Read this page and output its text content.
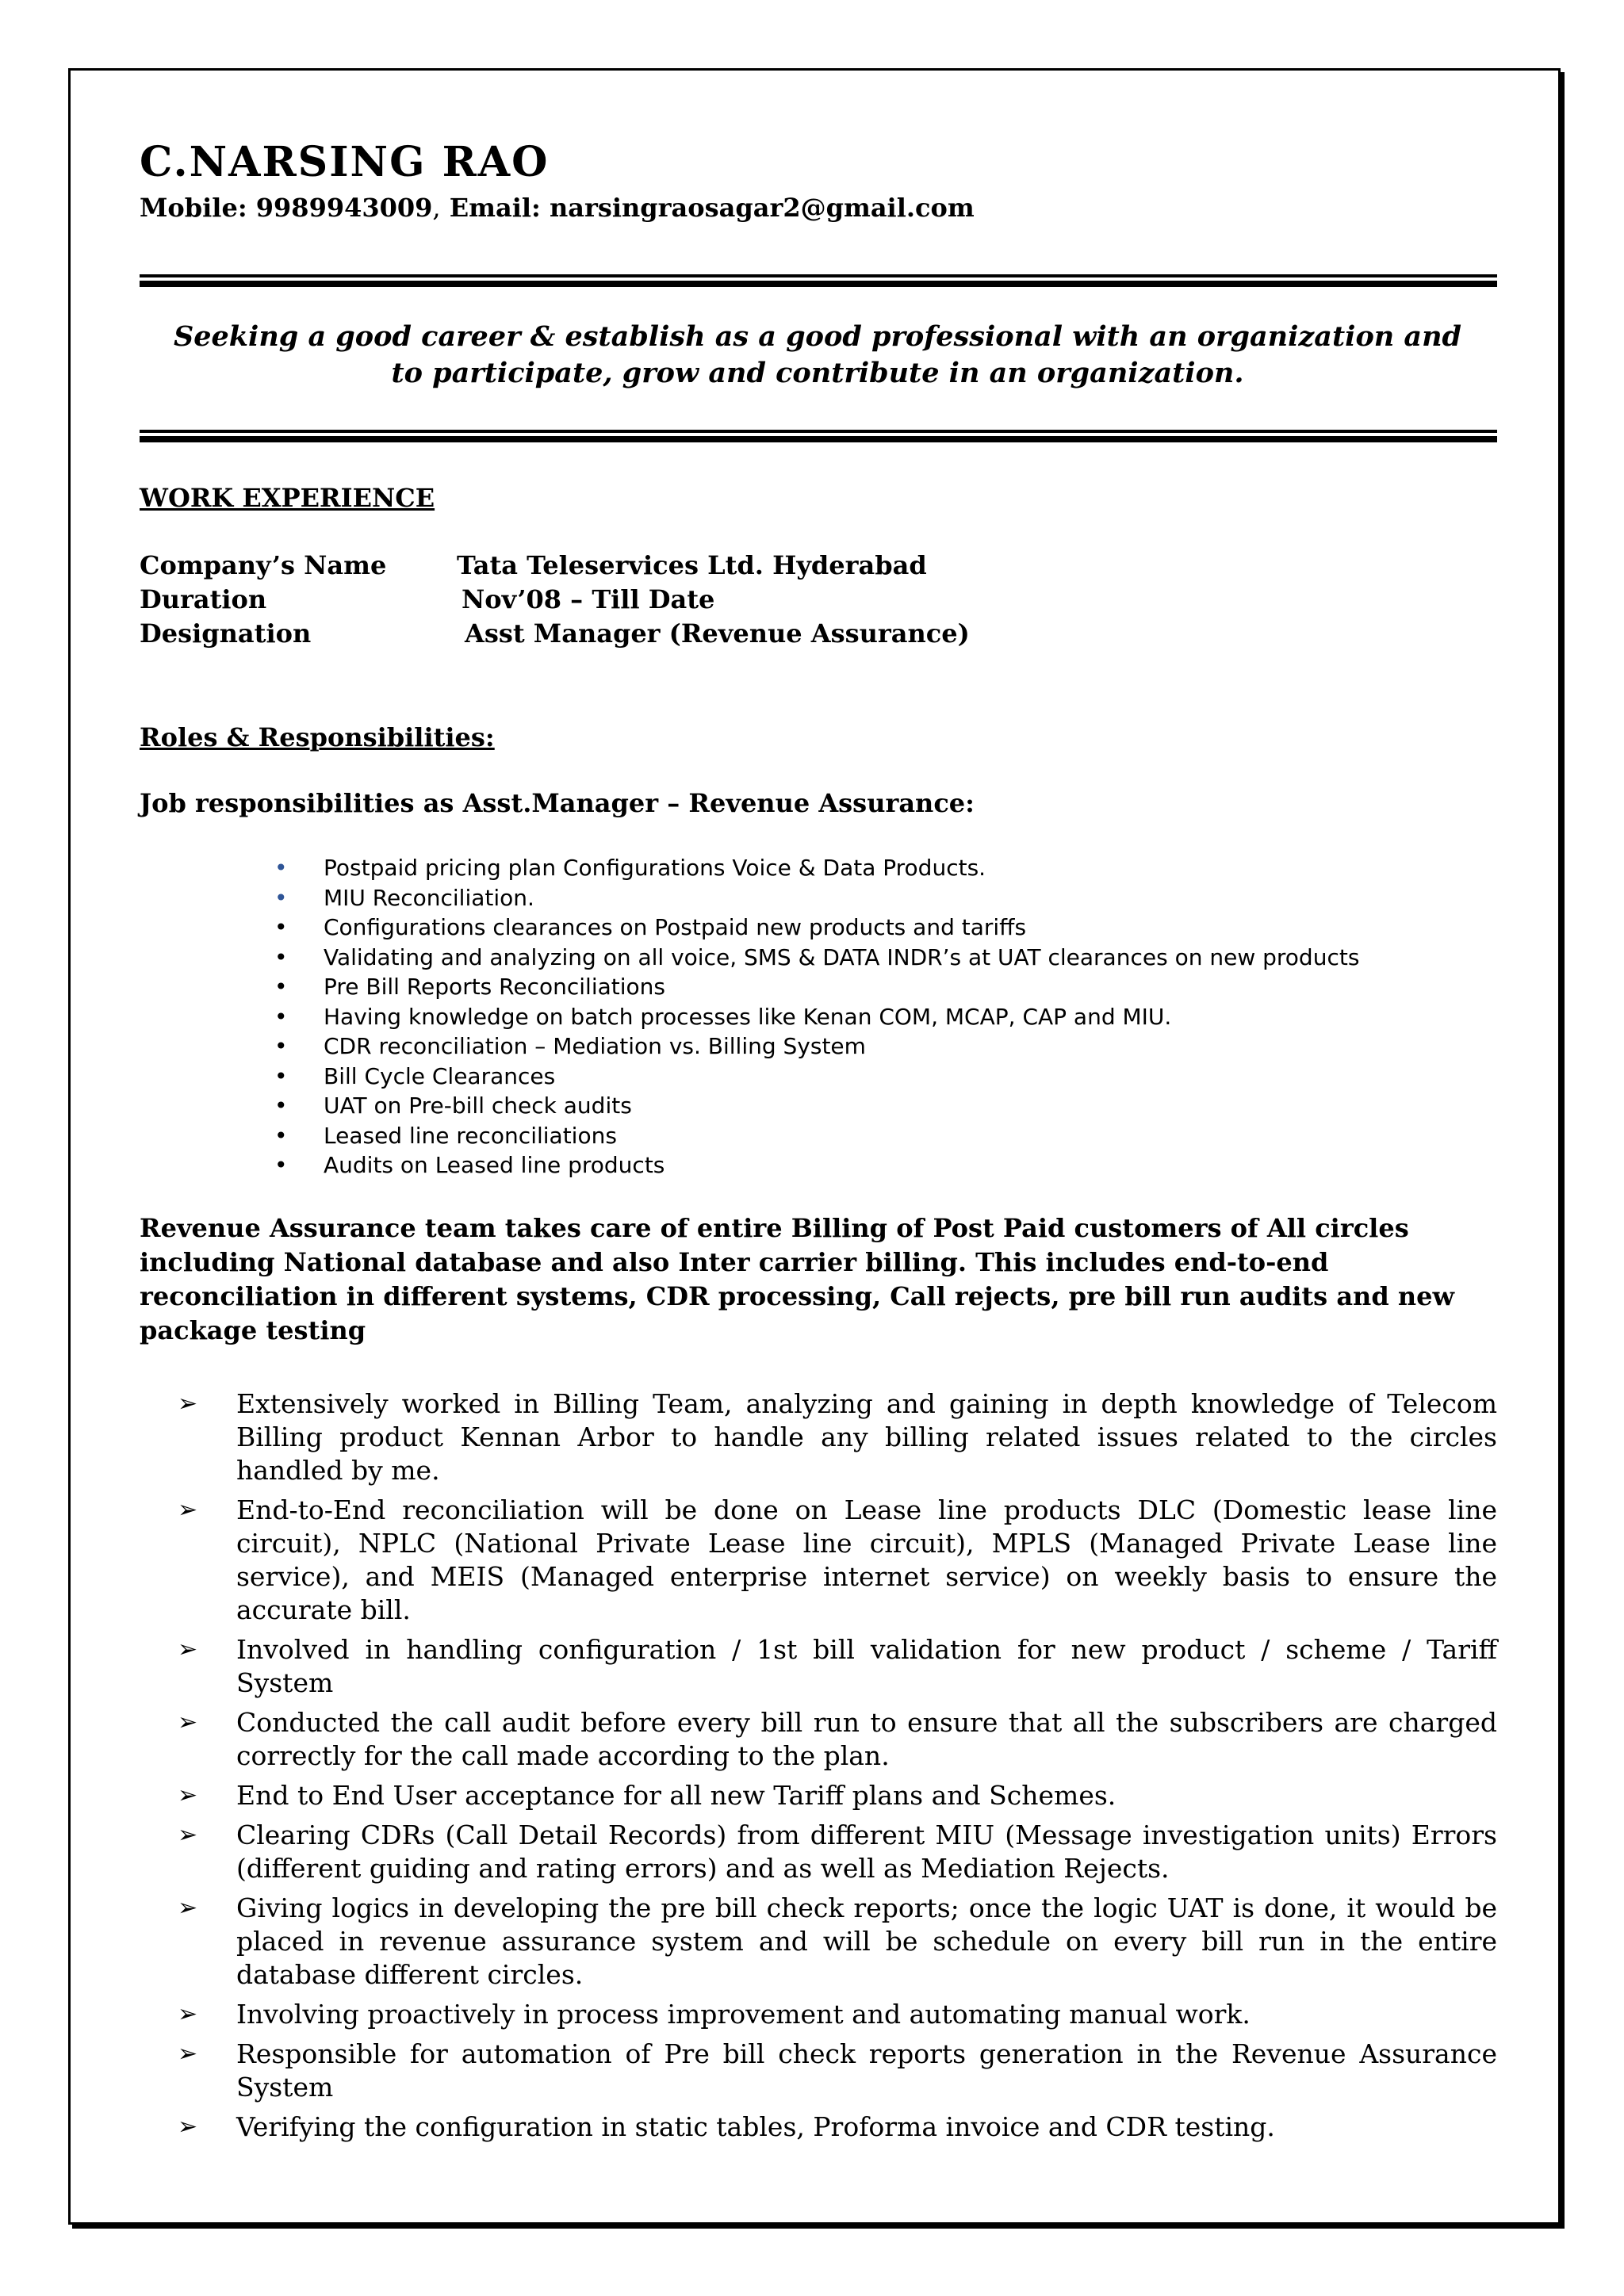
C.NARSING RAO

Mobile: 9989943009, Email: narsingraosagar2@gmail.com

Seeking a good career & establish as a good professional with an organization and
to participate, grow and contribute in an organization.
WORK EXPERIENCE
Company’s Name	Tata Teleservices Ltd. Hyderabad
Duration	Nov’08 – Till Date
Designation	Asst Manager (Revenue Assurance)
Roles & Responsibilities:
Job responsibilities as Asst.Manager – Revenue Assurance:
• Postpaid pricing plan Configurations Voice & Data Products.
• MIU Reconciliation.
• Configurations clearances on Postpaid new products and tariffs
• Validating and analyzing on all voice, SMS & DATA INDR’s at UAT clearances on new products
• Pre Bill Reports Reconciliations
• Having knowledge on batch processes like Kenan COM, MCAP, CAP and MIU.
• CDR reconciliation – Mediation vs. Billing System
• Bill Cycle Clearances
• UAT on Pre-bill check audits
• Leased line reconciliations
• Audits on Leased line products
Revenue Assurance team takes care of entire Billing of Post Paid customers of All circles including National database and also Inter carrier billing. This includes end-to-end reconciliation in different systems, CDR processing, Call rejects, pre bill run audits and new package testing
➢ Extensively worked in Billing Team, analyzing and gaining in depth knowledge of Telecom Billing product Kennan Arbor to handle any billing related issues related to the circles handled by me.
➢ End-to-End reconciliation will be done on Lease line products DLC (Domestic lease line circuit), NPLC (National Private Lease line circuit), MPLS (Managed Private Lease line service), and MEIS (Managed enterprise internet service) on weekly basis to ensure the accurate bill.
➢ Involved in handling configuration / 1st bill validation for new product / scheme / Tariff System
➢ Conducted the call audit before every bill run to ensure that all the subscribers are charged correctly for the call made according to the plan.
➢ End to End User acceptance for all new Tariff plans and Schemes.
➢ Clearing CDRs (Call Detail Records) from different MIU (Message investigation units) Errors (different guiding and rating errors) and as well as Mediation Rejects.
➢ Giving logics in developing the pre bill check reports; once the logic UAT is done, it would be placed in revenue assurance system and will be schedule on every bill run in the entire database different circles.
➢ Involving proactively in process improvement and automating manual work.
➢ Responsible for automation of Pre bill check reports generation in the Revenue Assurance System
➢ Verifying the configuration in static tables, Proforma invoice and CDR testing.
